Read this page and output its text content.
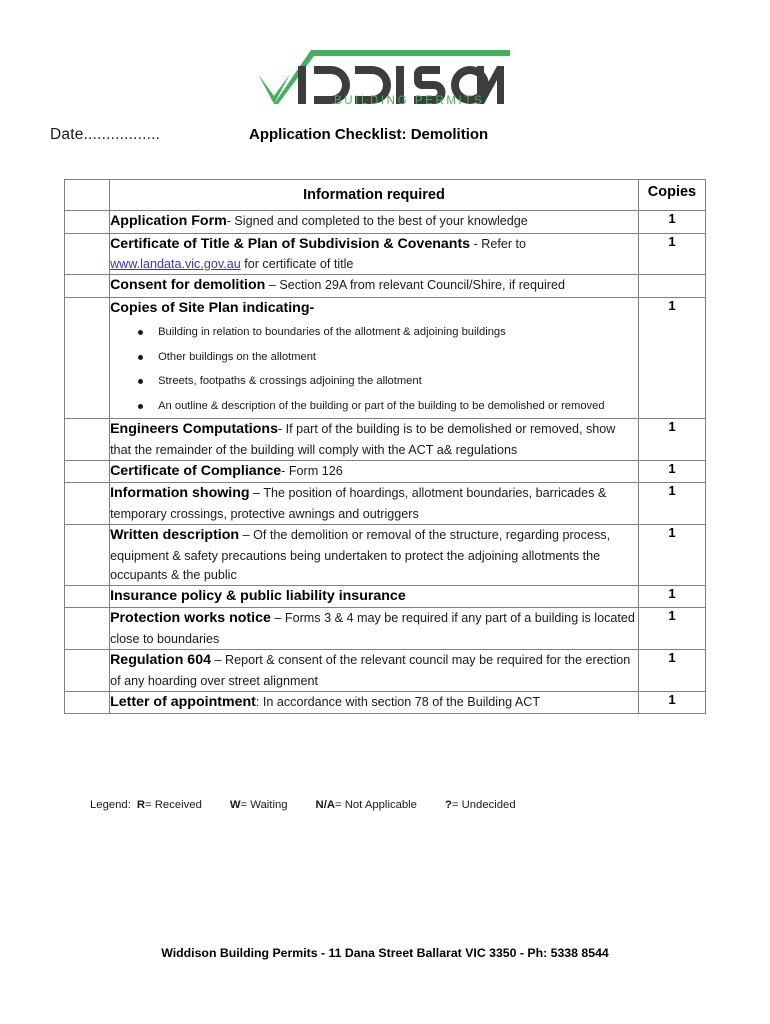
BUILDING PERMITS
Date.................	Application Checklist: Demolition
	Information required	Copies
	Application Form- Signed and completed to the best of your knowledge	1
	Certificate of Title & Plan of Subdivision & Covenants - Refer to www.landata.vic.gov.au for certificate of title	1
	Consent for demolition – Section 29A from relevant Council/Shire, if required	
	Copies of Site Plan indicating-
Building in relation to boundaries of the allotment & adjoining buildings
Other buildings on the allotment
Streets, footpaths & crossings adjoining the allotment
An outline & description of the building or part of the building to be demolished or removed
	1
	Engineers Computations- If part of the building is to be demolished or removed, show that the remainder of the building will comply with the ACT a& regulations	1
	Certificate of Compliance- Form 126	1
	Information showing – The position of hoardings, allotment boundaries, barricades & temporary crossings, protective awnings and outriggers	1
	Written description – Of the demolition or removal of the structure, regarding process, equipment & safety precautions being undertaken to protect the adjoining allotments the occupants & the public	1
	Insurance policy & public liability insurance	1
	Protection works notice – Forms 3 & 4 may be required if any part of a building is located close to boundaries	1
	Regulation 604 – Report & consent of the relevant council may be required for the erection of any hoarding over street alignment	1
	Letter of appointment: In accordance with section 78 of the Building ACT	1
Legend: R= Received W= Waiting N/A= Not Applicable ?= Undecided
Widdison Building Permits - 11 Dana Street Ballarat VIC 3350 - Ph: 5338 8544
